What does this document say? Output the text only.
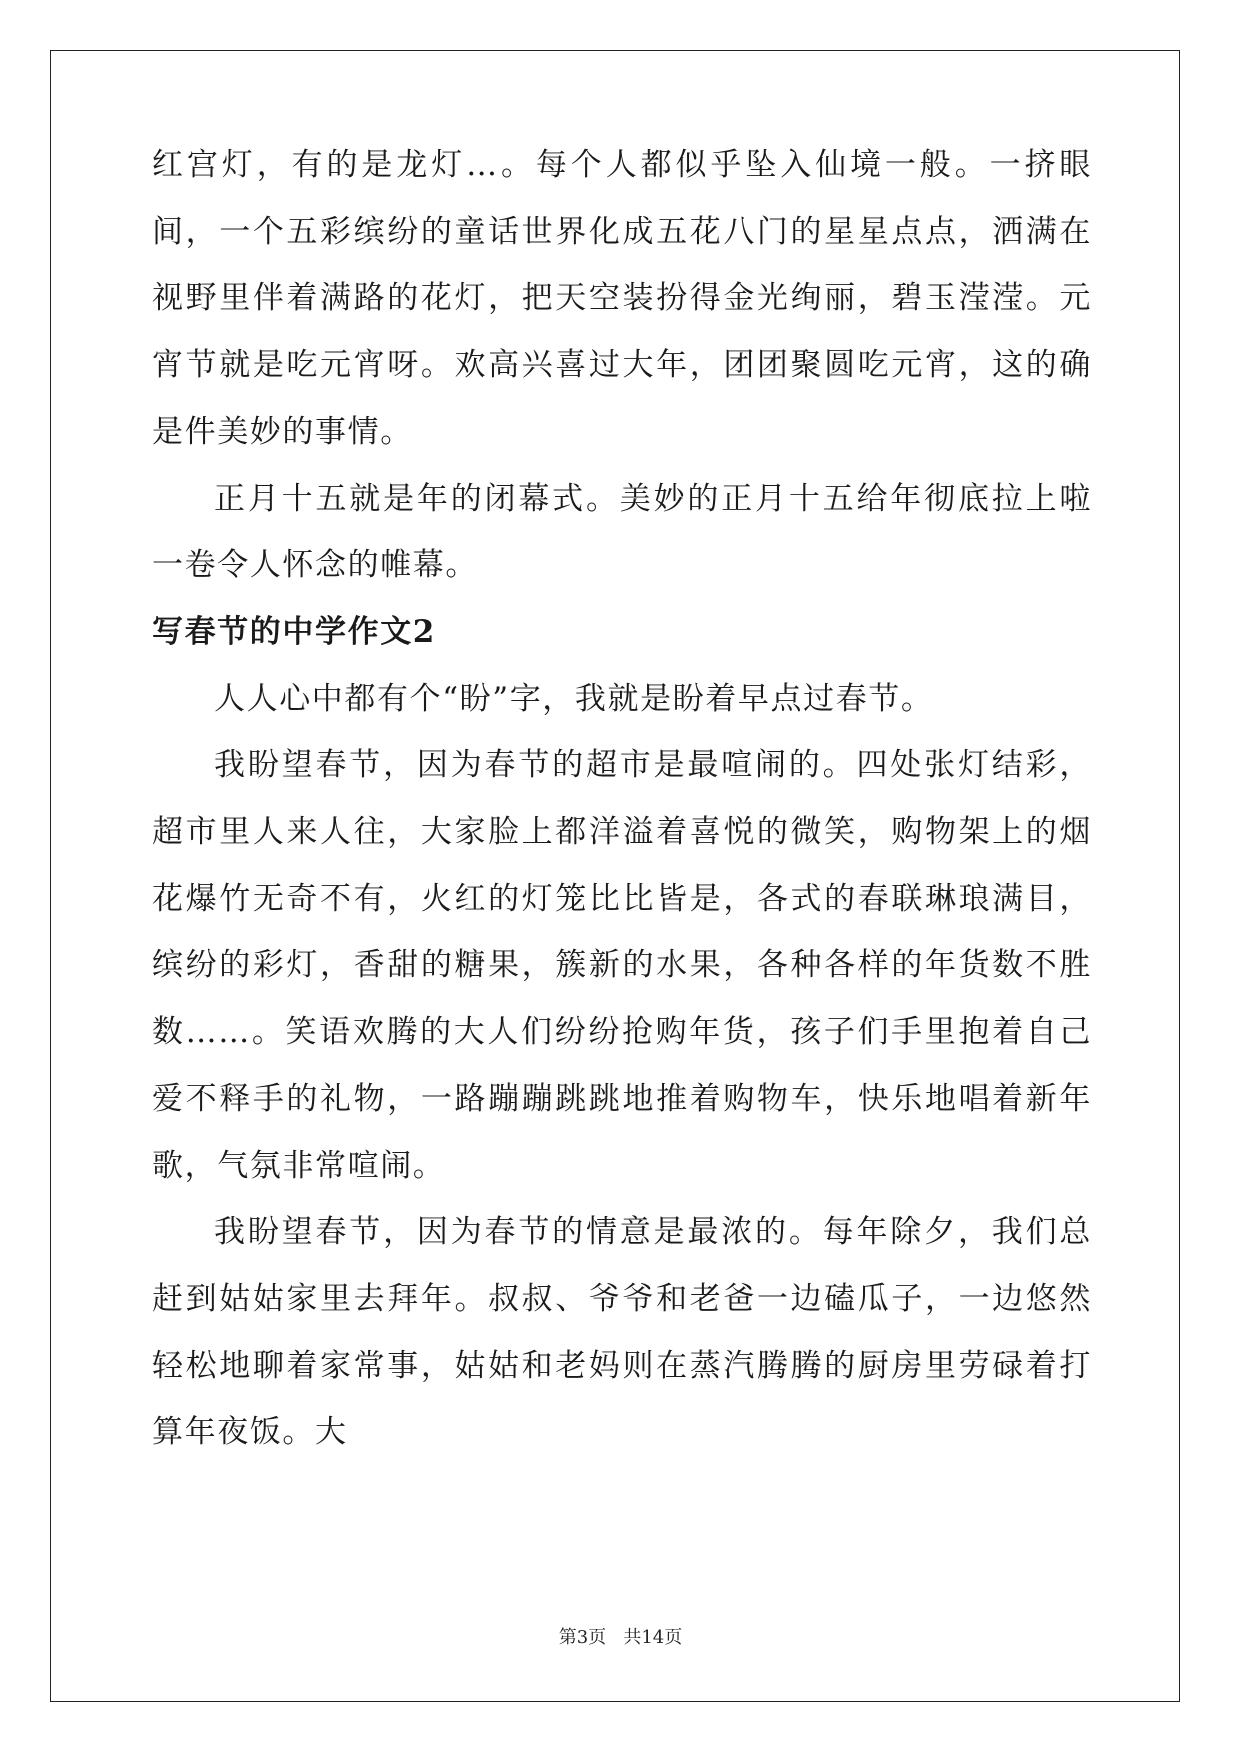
红宫灯，有的是龙灯…。每个人都似乎坠入仙境一般。一挤眼间，一个五彩缤纷的童话世界化成五花八门的星星点点，洒满在视野里伴着满路的花灯，把天空装扮得金光绚丽，碧玉滢滢。元宵节就是吃元宵呀。欢高兴喜过大年，团团聚圆吃元宵，这的确是件美妙的事情。

正月十五就是年的闭幕式。美妙的正月十五给年彻底拉上啦一卷令人怀念的帷幕。

写春节的中学作文2

人人心中都有个“盼”字，我就是盼着早点过春节。

我盼望春节，因为春节的超市是最喧闹的。四处张灯结彩，超市里人来人往，大家脸上都洋溢着喜悦的微笑，购物架上的烟花爆竹无奇不有，火红的灯笼比比皆是，各式的春联琳琅满目，缤纷的彩灯，香甜的糖果，簇新的水果，各种各样的年货数不胜数……。笑语欢腾的大人们纷纷抢购年货，孩子们手里抱着自己爱不释手的礼物，一路蹦蹦跳跳地推着购物车，快乐地唱着新年歌，气氛非常喧闹。

我盼望春节，因为春节的情意是最浓的。每年除夕，我们总赶到姑姑家里去拜年。叔叔、爷爷和老爸一边磕瓜子，一边悠然轻松地聊着家常事，姑姑和老妈则在蒸汽腾腾的厨房里劳碌着打算年夜饭。大

第3页   共14页
